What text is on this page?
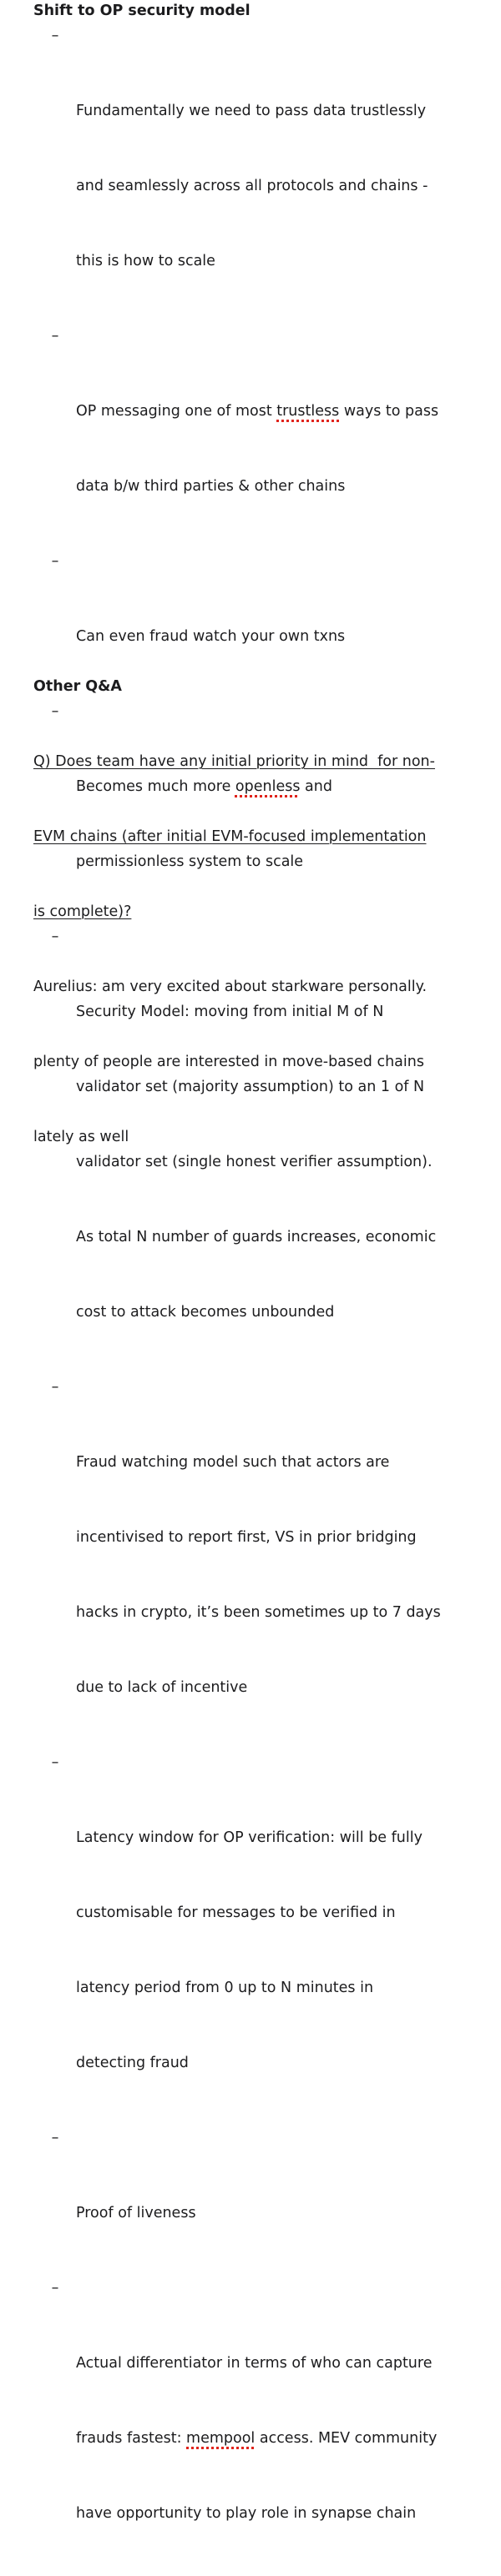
Shift to OP security model

–

Fundamentally we need to pass data trustlessly

and seamlessly across all protocols and chains -

this is how to scale

–

OP messaging one of most trustless ways to pass

data b/w third parties & other chains

–

Can even fraud watch your own txns

–

Becomes much more openless and

permissionless system to scale

–

Security Model: moving from initial M of N

validator set (majority assumption) to an 1 of N

validator set (single honest verifier assumption).

As total N number of guards increases, economic

cost to attack becomes unbounded

–

Fraud watching model such that actors are

incentivised to report first, VS in prior bridging

hacks in crypto, it’s been sometimes up to 7 days

due to lack of incentive

–

Latency window for OP verification: will be fully

customisable for messages to be verified in

latency period from 0 up to N minutes in

detecting fraud

–

Proof of liveness

–

Actual differentiator in terms of who can capture

frauds fastest: mempool access. MEV community

have opportunity to play role in synapse chain

Other Q&A

Q) Does team have any initial priority in mind  for non-

EVM chains (after initial EVM-focused implementation

is complete)?

Aurelius: am very excited about starkware personally.

plenty of people are interested in move-based chains

lately as well
